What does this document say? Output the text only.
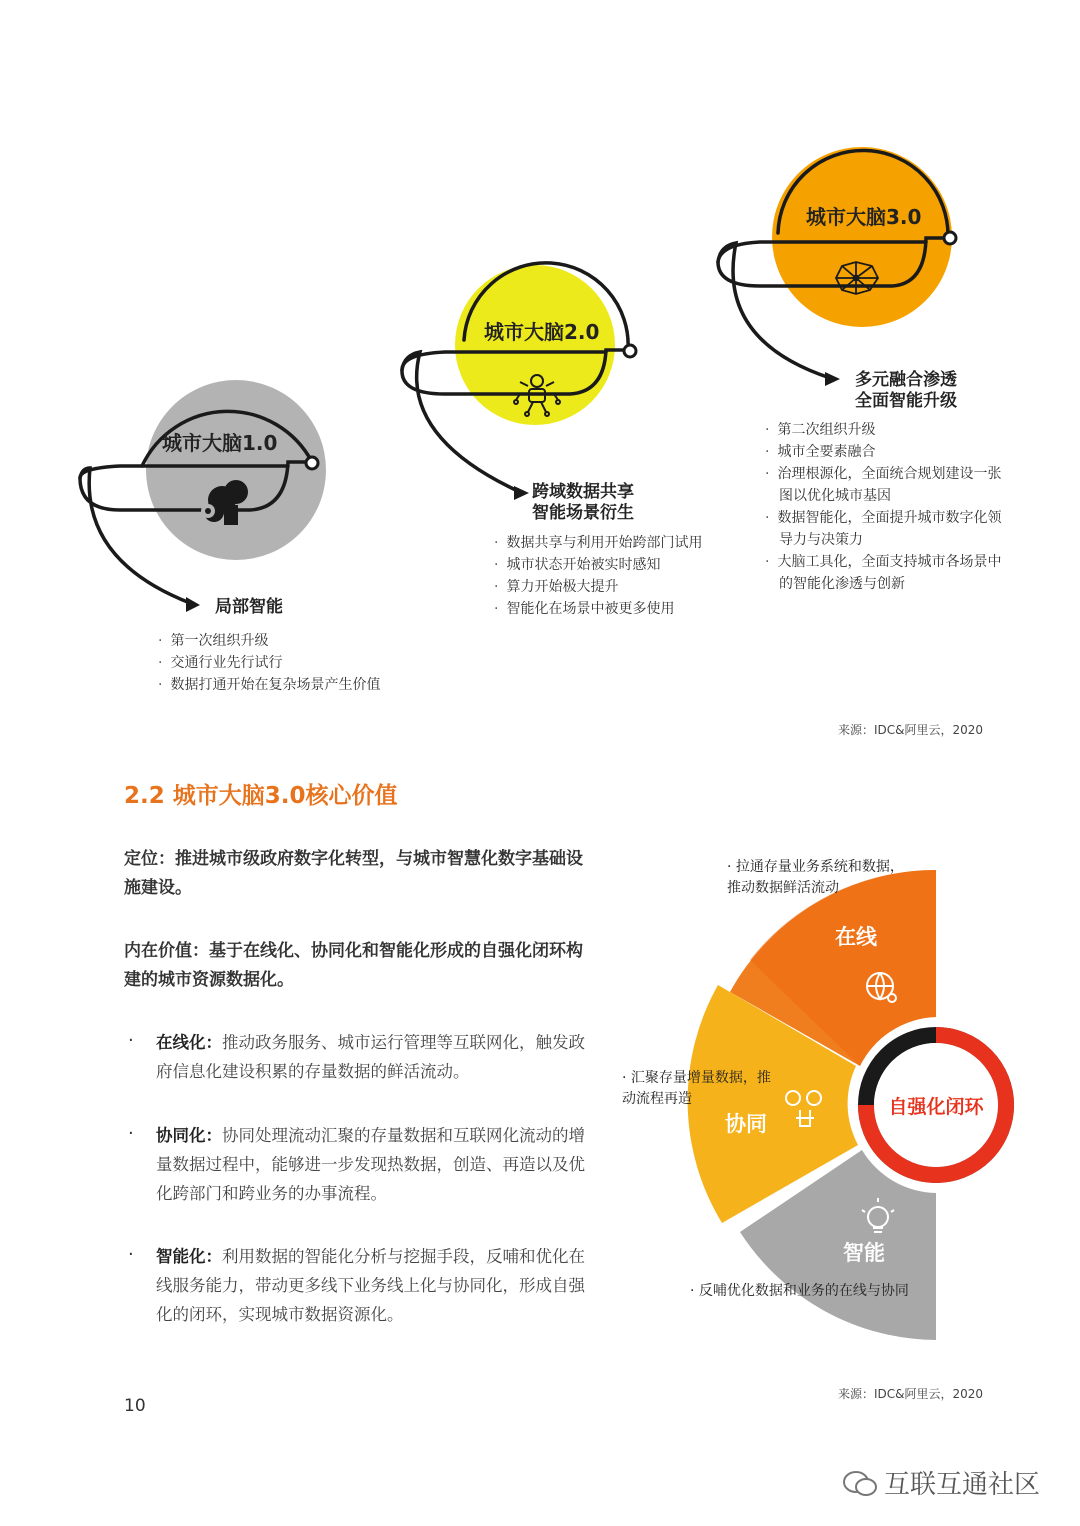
城市大脑1.0
城市大脑2.0
城市大脑3.0
局部智能
· 第一次组织升级
· 交通行业先行试行
· 数据打通开始在复杂场景产生价值
跨域数据共享
智能场景衍生
· 数据共享与利用开始跨部门试用
· 城市状态开始被实时感知
· 算力开始极大提升
· 智能化在场景中被更多使用
多元融合渗透
全面智能升级
· 第二次组织升级
· 城市全要素融合
· 治理根源化，全面统合规划建设一张图以优化城市基因
· 数据智能化，全面提升城市数字化领导力与决策力
· 大脑工具化，全面支持城市各场景中的智能化渗透与创新
来源：IDC&阿里云，2020
2.2 城市大脑3.0核心价值
定位：推进城市级政府数字化转型，与城市智慧化数字基础设施建设。
内在价值：基于在线化、协同化和智能化形成的自强化闭环构建的城市资源数据化。
· 在线化：推动政务服务、城市运行管理等互联网化，触发政府信息化建设积累的存量数据的鲜活流动。
· 协同化：协同处理流动汇聚的存量数据和互联网化流动的增量数据过程中，能够进一步发现热数据，创造、再造以及优化跨部门和跨业务的办事流程。
· 智能化：利用数据的智能化分析与挖掘手段，反哺和优化在线服务能力，带动更多线下业务线上化与协同化，形成自强化的闭环，实现城市数据资源化。
在线
协同
智能
自强化闭环
· 拉通存量业务系统和数据，推动数据鲜活流动
· 汇聚存量增量数据，推动流程再造
· 反哺优化数据和业务的在线与协同
来源：IDC&阿里云，2020
10
互联互通社区
